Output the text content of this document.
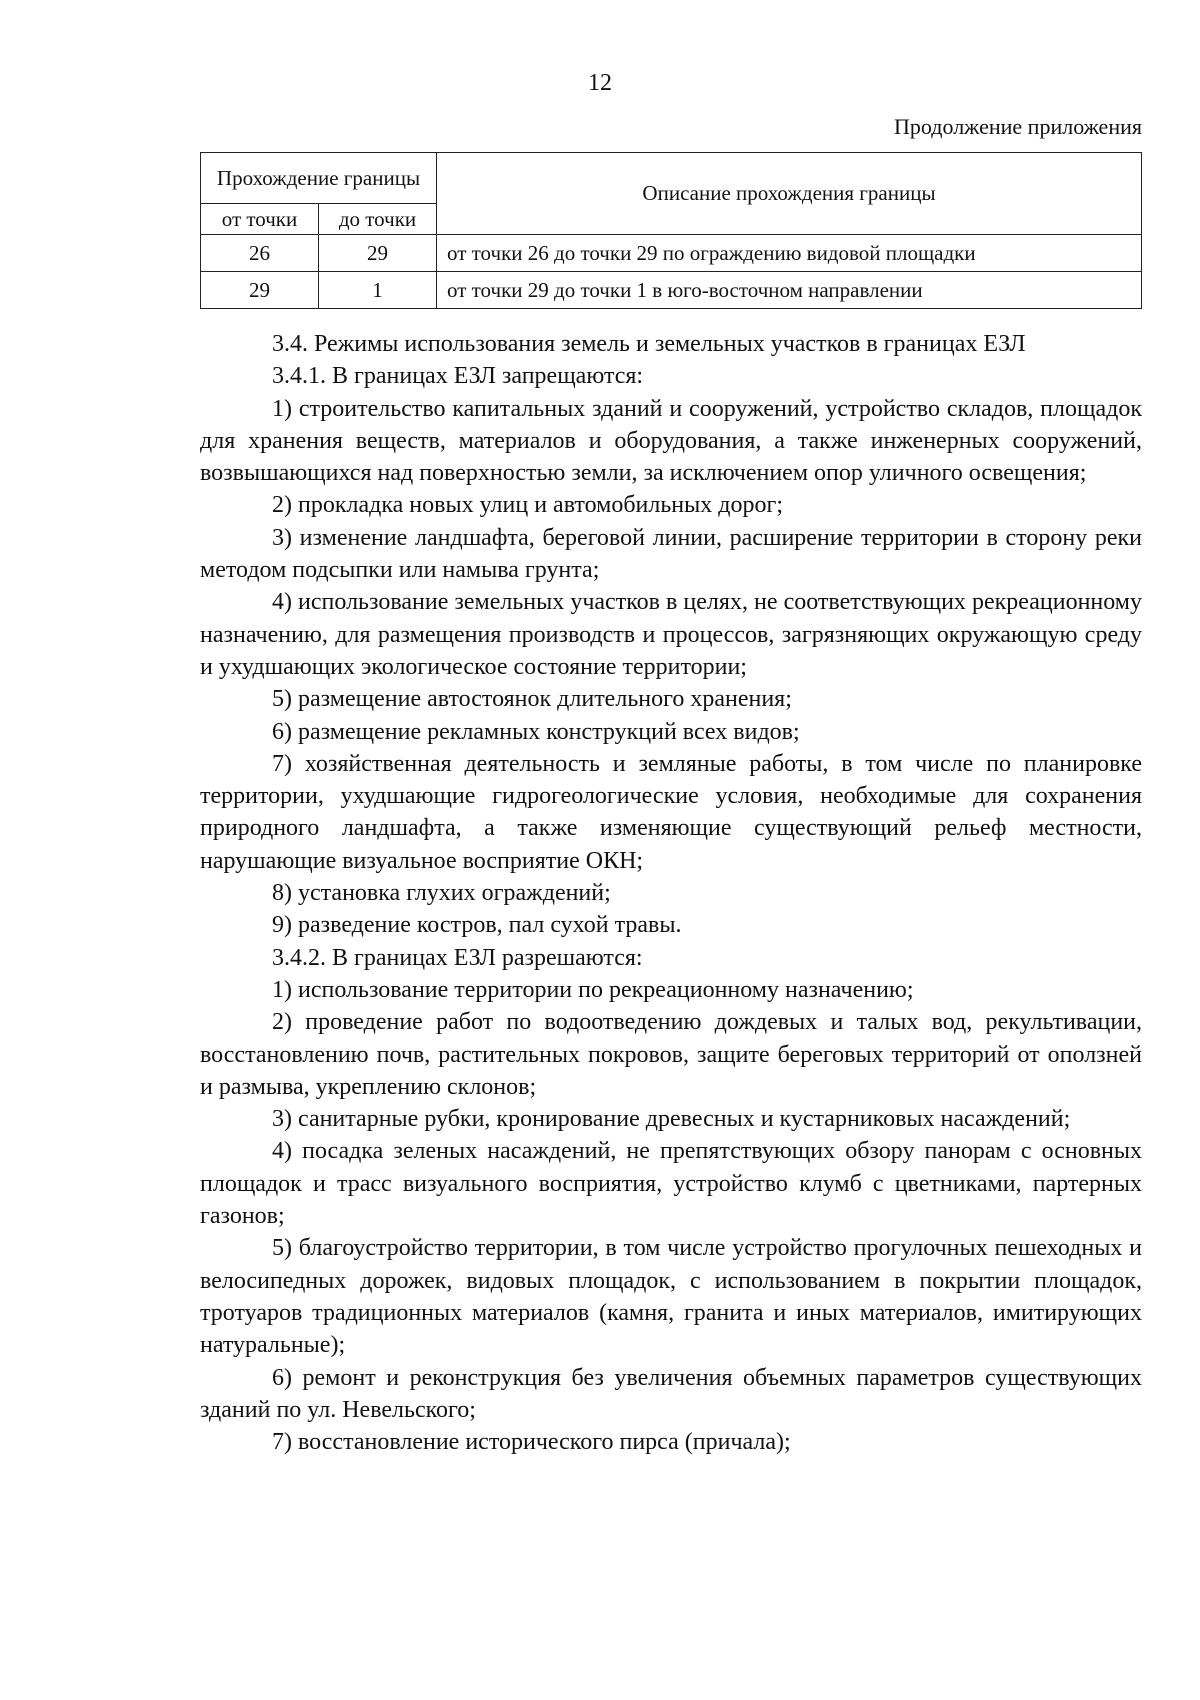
12
Продолжение приложения
Прохождение границы		Описание прохождения границы
от точки	до точки	
26	29	от точки 26 до точки 29 по ограждению видовой площадки
29	1	от точки 29 до точки 1 в юго-восточном направлении

3.4. Режимы использования земель и земельных участков в границах ЕЗЛ

3.4.1. В границах ЕЗЛ запрещаются:

1) строительство капитальных зданий и сооружений, устройство складов, площадок для хранения веществ, материалов и оборудования, а также инженерных сооружений, возвышающихся над поверхностью земли, за исключением опор уличного освещения;

2) прокладка новых улиц и автомобильных дорог;

3) изменение ландшафта, береговой линии, расширение территории в сторону реки методом подсыпки или намыва грунта;

4) использование земельных участков в целях, не соответствующих рекреационному назначению, для размещения производств и процессов, загрязняющих окружающую среду и ухудшающих экологическое состояние территории;

5) размещение автостоянок длительного хранения;

6) размещение рекламных конструкций всех видов;

7) хозяйственная деятельность и земляные работы, в том числе по планировке территории, ухудшающие гидрогеологические условия, необходимые для сохранения природного ландшафта, а также изменяющие существующий рельеф местности, нарушающие визуальное восприятие ОКН;

8) установка глухих ограждений;

9) разведение костров, пал сухой травы.

3.4.2. В границах ЕЗЛ разрешаются:

1) использование территории по рекреационному назначению;

2) проведение работ по водоотведению дождевых и талых вод, рекультивации, восстановлению почв, растительных покровов, защите береговых территорий от оползней и размыва, укреплению склонов;

3) санитарные рубки, кронирование древесных и кустарниковых насаждений;

4) посадка зеленых насаждений, не препятствующих обзору панорам с основных площадок и трасс визуального восприятия, устройство клумб с цветниками, партерных газонов;

5) благоустройство территории, в том числе устройство прогулочных пешеходных и велосипедных дорожек, видовых площадок, с использованием в покрытии площадок, тротуаров традиционных материалов (камня, гранита и иных материалов, имитирующих натуральные);

6) ремонт и реконструкция без увеличения объемных параметров существующих зданий по ул. Невельского;

7) восстановление исторического пирса (причала);
